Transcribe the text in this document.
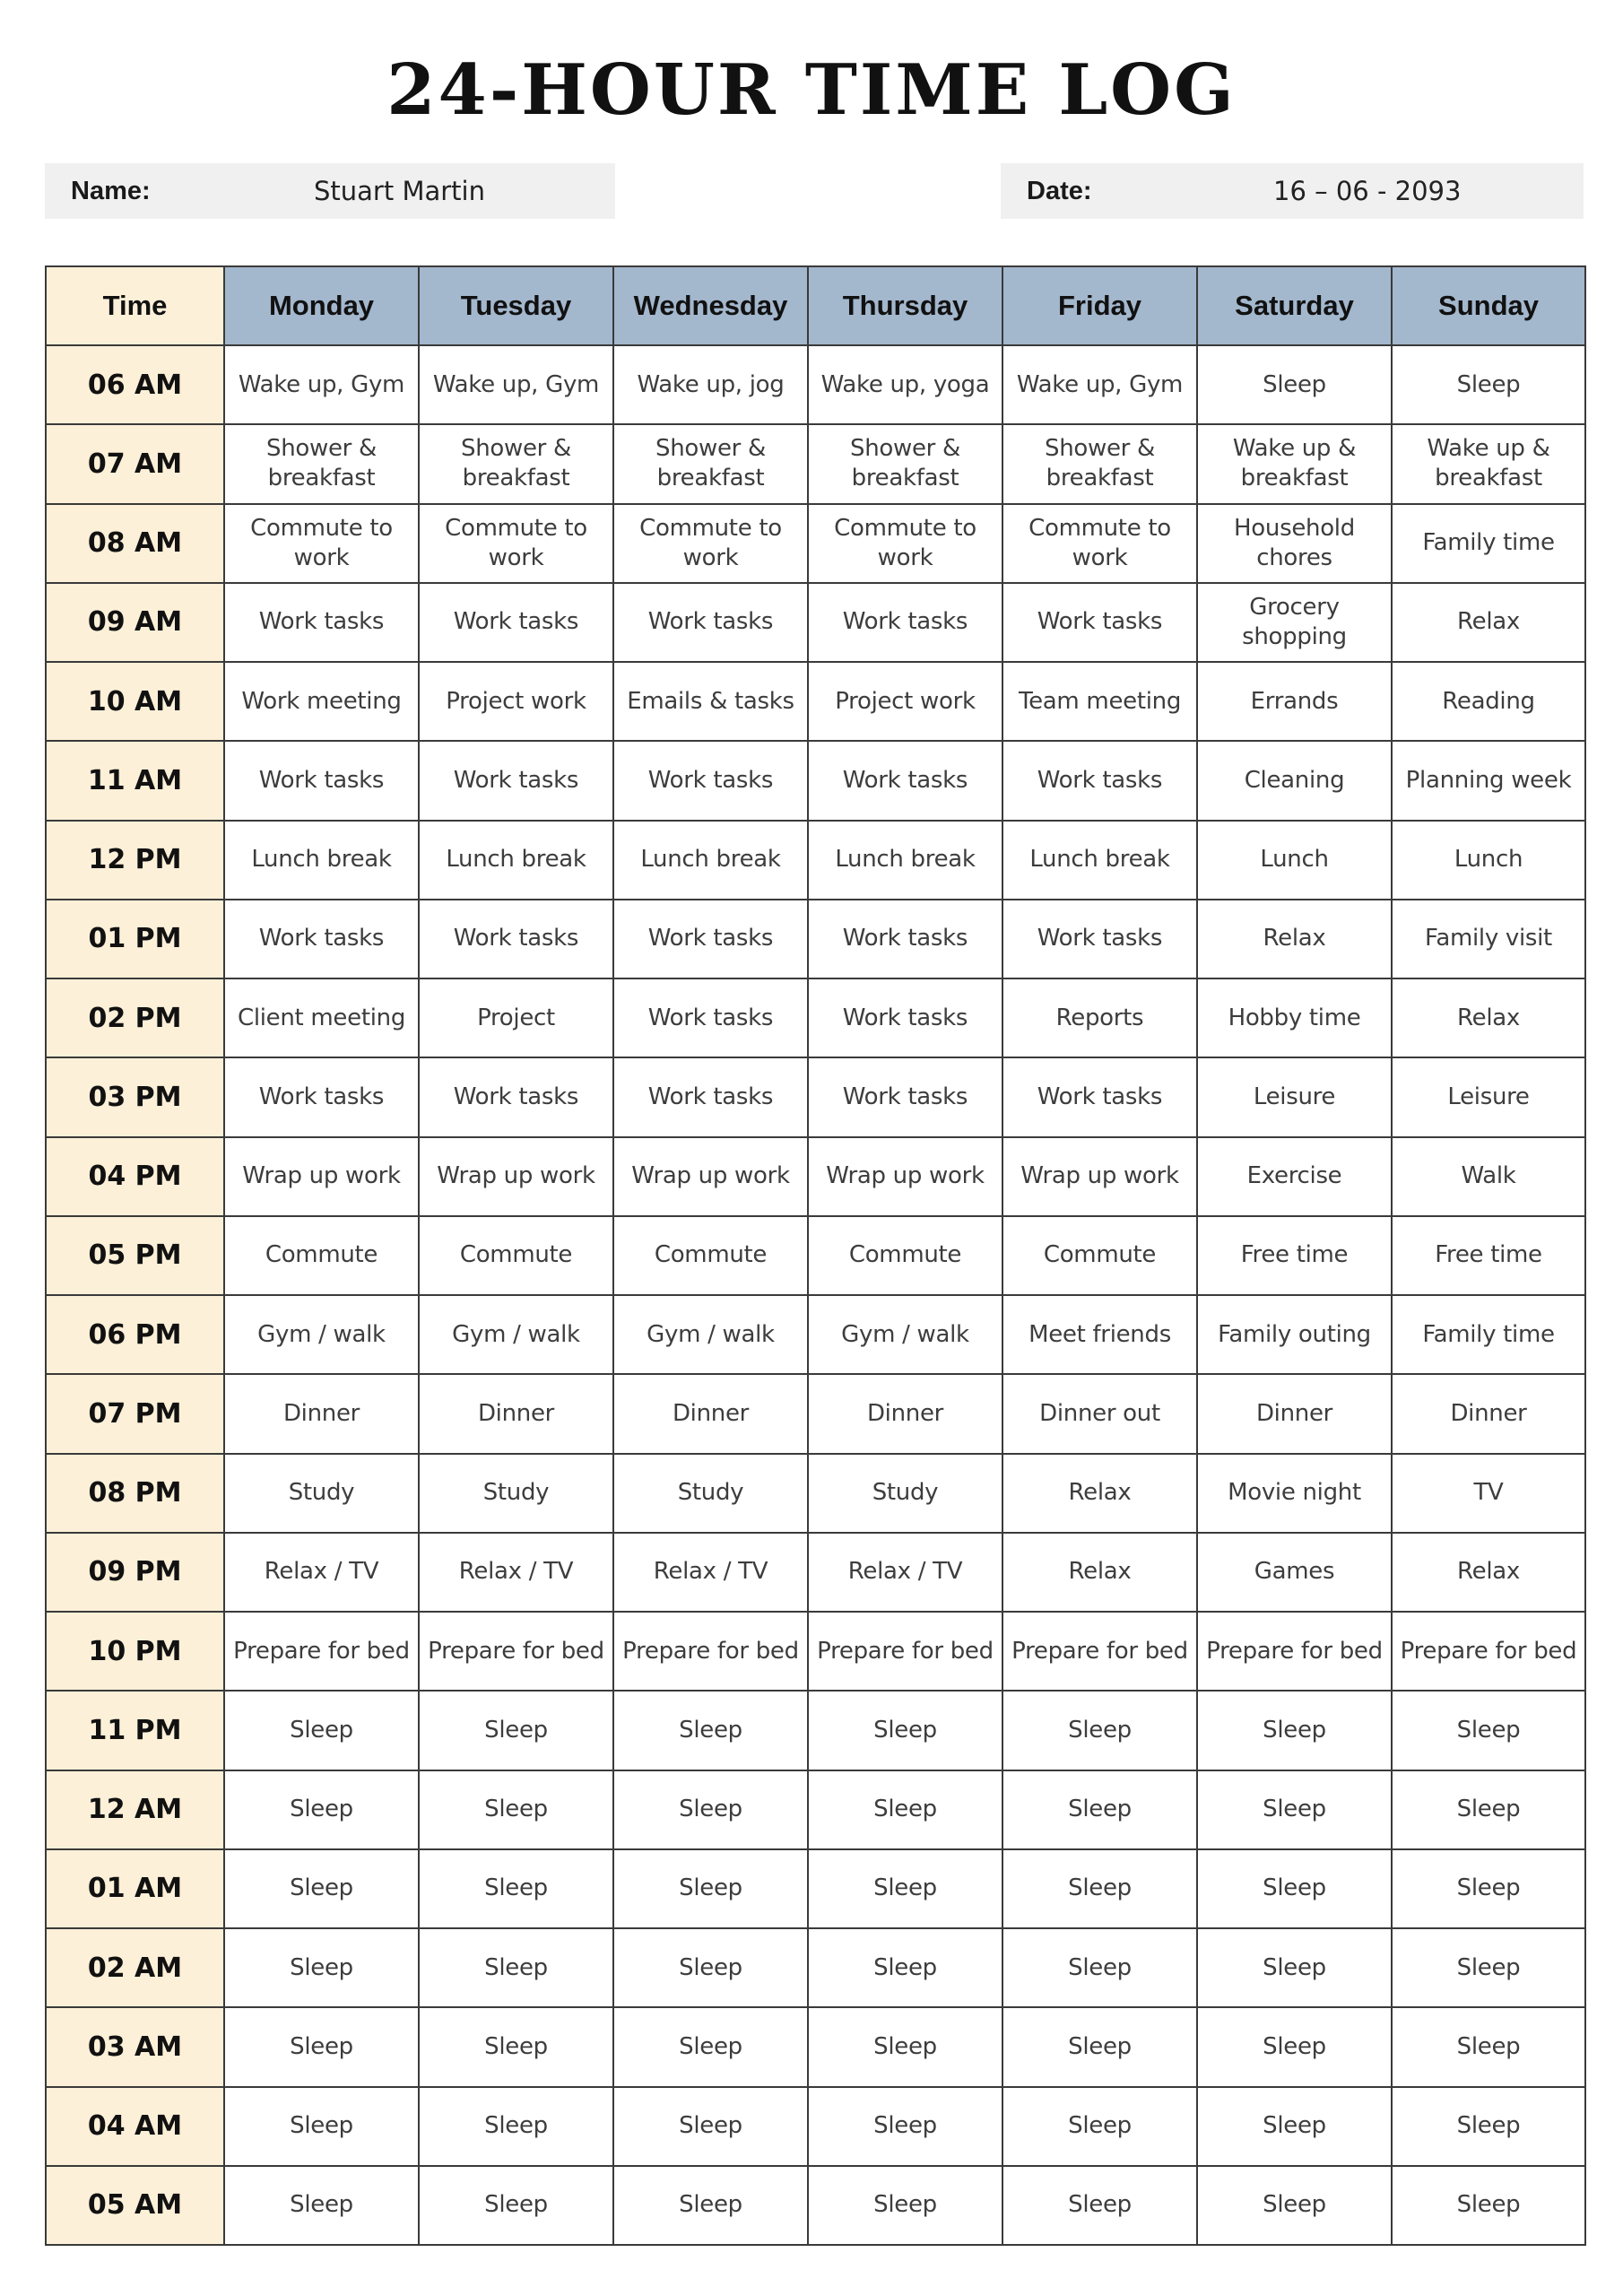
24-HOUR TIME LOG
Name:	Stuart Martin	Date:	16 – 06 - 2093
Time	Monday	Tuesday	Wednesday	Thursday	Friday	Saturday	Sunday
06 AM	Wake up, Gym	Wake up, Gym	Wake up, jog	Wake up, yoga	Wake up, Gym	Sleep	Sleep
07 AM	Shower & breakfast	Shower & breakfast	Shower & breakfast	Shower & breakfast	Shower & breakfast	Wake up & breakfast	Wake up & breakfast
08 AM	Commute to work	Commute to work	Commute to work	Commute to work	Commute to work	Household chores	Family time
09 AM	Work tasks	Work tasks	Work tasks	Work tasks	Work tasks	Grocery shopping	Relax
10 AM	Work meeting	Project work	Emails & tasks	Project work	Team meeting	Errands	Reading
11 AM	Work tasks	Work tasks	Work tasks	Work tasks	Work tasks	Cleaning	Planning week
12 PM	Lunch break	Lunch break	Lunch break	Lunch break	Lunch break	Lunch	Lunch
01 PM	Work tasks	Work tasks	Work tasks	Work tasks	Work tasks	Relax	Family visit
02 PM	Client meeting	Project	Work tasks	Work tasks	Reports	Hobby time	Relax
03 PM	Work tasks	Work tasks	Work tasks	Work tasks	Work tasks	Leisure	Leisure
04 PM	Wrap up work	Wrap up work	Wrap up work	Wrap up work	Wrap up work	Exercise	Walk
05 PM	Commute	Commute	Commute	Commute	Commute	Free time	Free time
06 PM	Gym / walk	Gym / walk	Gym / walk	Gym / walk	Meet friends	Family outing	Family time
07 PM	Dinner	Dinner	Dinner	Dinner	Dinner out	Dinner	Dinner
08 PM	Study	Study	Study	Study	Relax	Movie night	TV
09 PM	Relax / TV	Relax / TV	Relax / TV	Relax / TV	Relax	Games	Relax
10 PM	Prepare for bed	Prepare for bed	Prepare for bed	Prepare for bed	Prepare for bed	Prepare for bed	Prepare for bed
11 PM	Sleep	Sleep	Sleep	Sleep	Sleep	Sleep	Sleep
12 AM	Sleep	Sleep	Sleep	Sleep	Sleep	Sleep	Sleep
01 AM	Sleep	Sleep	Sleep	Sleep	Sleep	Sleep	Sleep
02 AM	Sleep	Sleep	Sleep	Sleep	Sleep	Sleep	Sleep
03 AM	Sleep	Sleep	Sleep	Sleep	Sleep	Sleep	Sleep
04 AM	Sleep	Sleep	Sleep	Sleep	Sleep	Sleep	Sleep
05 AM	Sleep	Sleep	Sleep	Sleep	Sleep	Sleep	Sleep
